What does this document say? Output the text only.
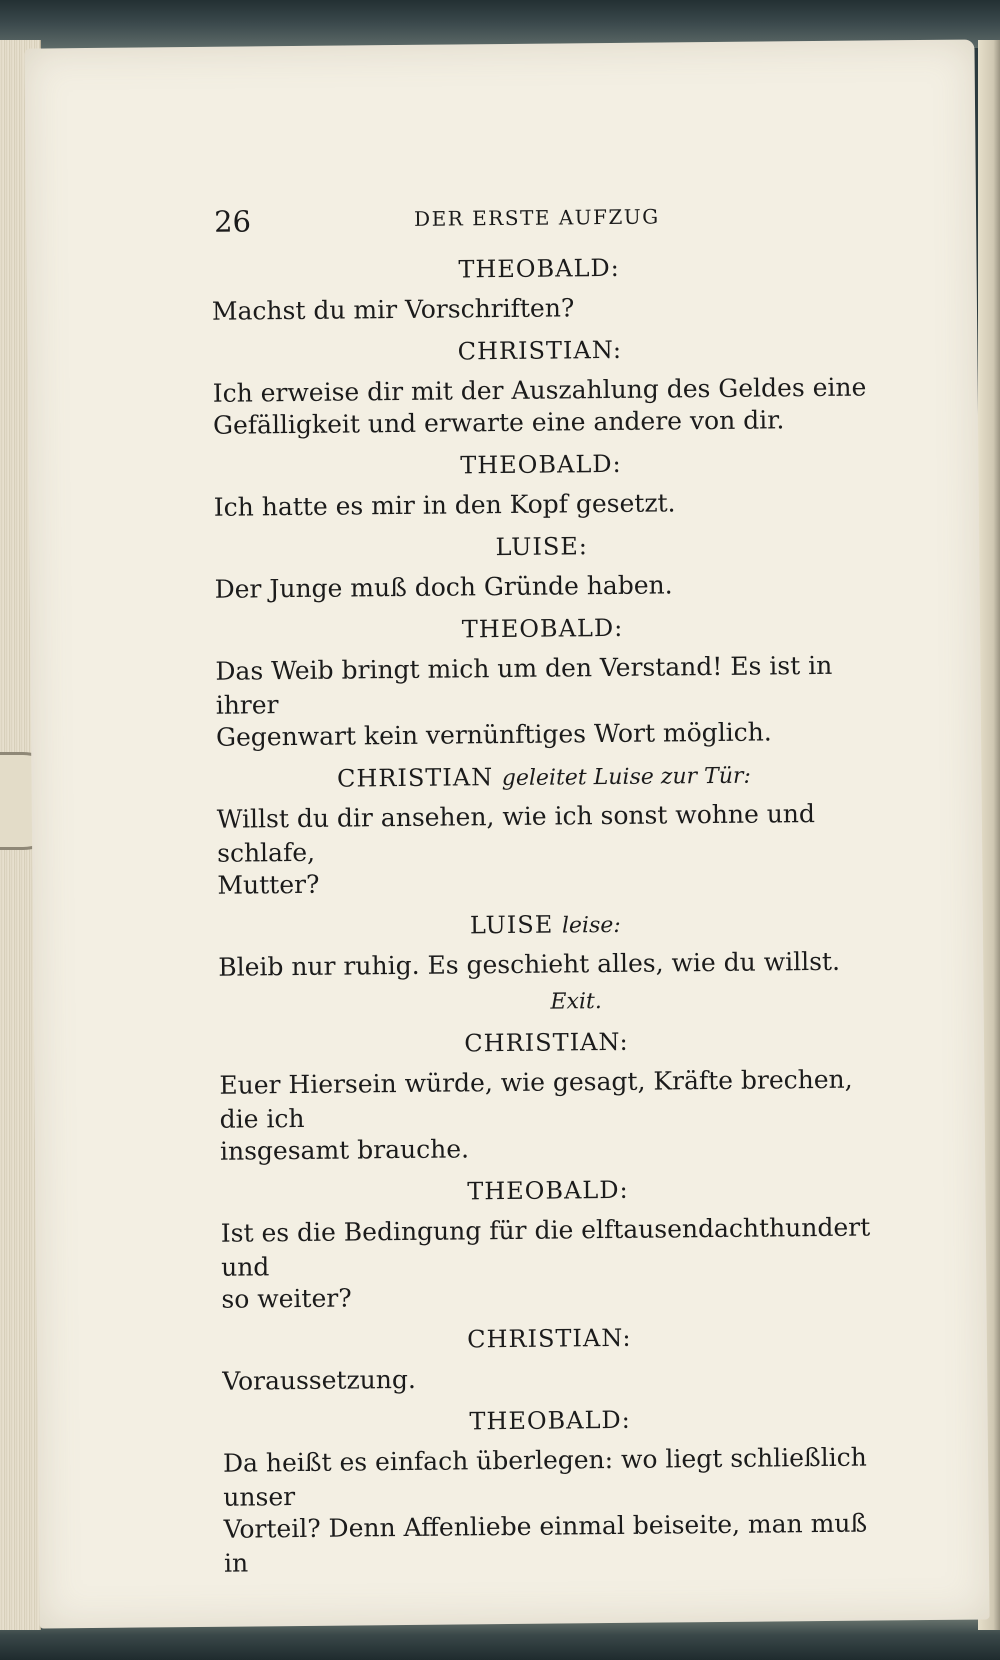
26	DER ERSTE AUFZUG
THEOBALD:
Machst du mir Vorschriften?
CHRISTIAN:
Ich erweise dir mit der Auszahlung des Geldes eine
Gefälligkeit und erwarte eine andere von dir.
THEOBALD:
Ich hatte es mir in den Kopf gesetzt.
LUISE:
Der Junge muß doch Gründe haben.
THEOBALD:
Das Weib bringt mich um den Verstand! Es ist in ihrer
Gegenwart kein vernünftiges Wort möglich.
CHRISTIAN geleitet Luise zur Tür:
Willst du dir ansehen, wie ich sonst wohne und schlafe,
Mutter?
LUISE leise:
Bleib nur ruhig. Es geschieht alles, wie du willst.
Exit.
CHRISTIAN:
Euer Hiersein würde, wie gesagt, Kräfte brechen, die ich
insgesamt brauche.
THEOBALD:
Ist es die Bedingung für die elftausendachthundert und
so weiter?
CHRISTIAN:
Voraussetzung.
THEOBALD:
Da heißt es einfach überlegen: wo liegt schließlich unser
Vorteil? Denn Affenliebe einmal beiseite, man muß in
